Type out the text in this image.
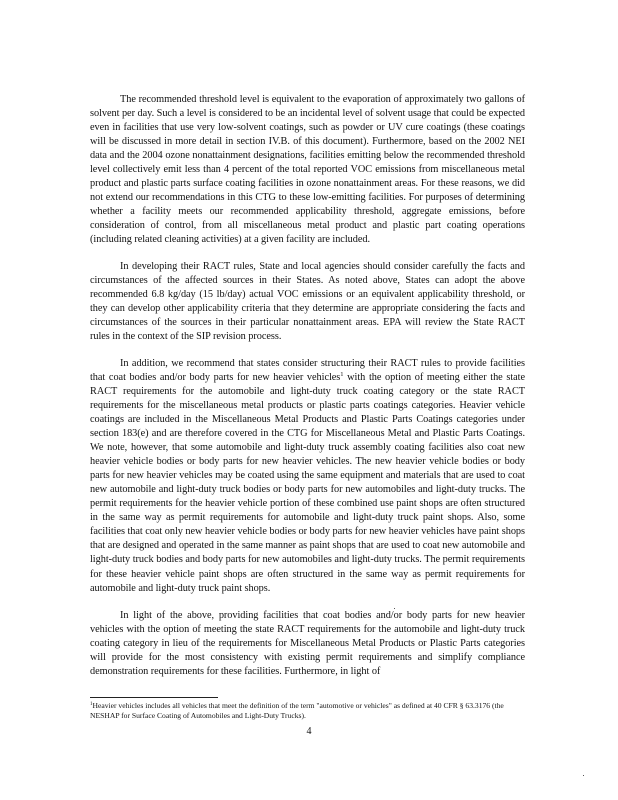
The recommended threshold level is equivalent to the evaporation of approximately two gallons of solvent per day. Such a level is considered to be an incidental level of solvent usage that could be expected even in facilities that use very low-solvent coatings, such as powder or UV cure coatings (these coatings will be discussed in more detail in section IV.B. of this document). Furthermore, based on the 2002 NEI data and the 2004 ozone nonattainment designations, facilities emitting below the recommended threshold level collectively emit less than 4 percent of the total reported VOC emissions from miscellaneous metal product and plastic parts surface coating facilities in ozone nonattainment areas. For these reasons, we did not extend our recommendations in this CTG to these low-emitting facilities. For purposes of determining whether a facility meets our recommended applicability threshold, aggregate emissions, before consideration of control, from all miscellaneous metal product and plastic part coating operations (including related cleaning activities) at a given facility are included.

In developing their RACT rules, State and local agencies should consider carefully the facts and circumstances of the affected sources in their States. As noted above, States can adopt the above recommended 6.8 kg/day (15 lb/day) actual VOC emissions or an equivalent applicability threshold, or they can develop other applicability criteria that they determine are appropriate considering the facts and circumstances of the sources in their particular nonattainment areas. EPA will review the State RACT rules in the context of the SIP revision process.

In addition, we recommend that states consider structuring their RACT rules to provide facilities that coat bodies and/or body parts for new heavier vehicles$^1$ with the option of meeting either the state RACT requirements for the automobile and light-duty truck coating category or the state RACT requirements for the miscellaneous metal products or plastic parts coatings categories. Heavier vehicle coatings are included in the Miscellaneous Metal Products and Plastic Parts Coatings categories under section 183(e) and are therefore covered in the CTG for Miscellaneous Metal and Plastic Parts Coatings. We note, however, that some automobile and light-duty truck assembly coating facilities also coat new heavier vehicle bodies or body parts for new heavier vehicles. The new heavier vehicle bodies or body parts for new heavier vehicles may be coated using the same equipment and materials that are used to coat new automobile and light-duty truck bodies or body parts for new automobiles and light-duty trucks. The permit requirements for the heavier vehicle portion of these combined use paint shops are often structured in the same way as permit requirements for automobile and light-duty truck paint shops. Also, some facilities that coat only new heavier vehicle bodies or body parts for new heavier vehicles have paint shops that are designed and operated in the same manner as paint shops that are used to coat new automobile and light-duty truck bodies and body parts for new automobiles and light-duty trucks. The permit requirements for these heavier vehicle paint shops are often structured in the same way as permit requirements for automobile and light-duty truck paint shops.

In light of the above, providing facilities that coat bodies and/or body parts for new heavier vehicles with the option of meeting the state RACT requirements for the automobile and light-duty truck coating category in lieu of the requirements for Miscellaneous Metal Products or Plastic Parts categories will provide for the most consistency with existing permit requirements and simplify compliance demonstration requirements for these facilities. Furthermore, in light of

$^1$Heavier vehicles includes all vehicles that meet the definition of the term "automotive or vehicles" as defined at 40 CFR § 63.3176 (the NESHAP for Surface Coating of Automobiles and Light-Duty Trucks).

4
